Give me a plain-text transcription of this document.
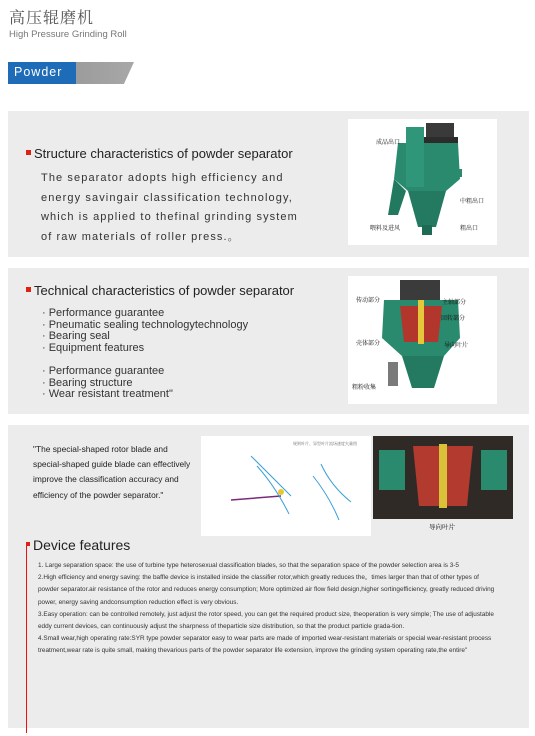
高压辊磨机
High Pressure Grinding Roll
Powder
Structure characteristics of powder separator
The separator adopts high efficiency and energy savingair classification technology, which is applied to thefinal grinding system of raw materials of roller press.。
成品出口
中粗出口
喂料及进风	粗出口
Technical characteristics of powder separator
· Performance guarantee
· Pneumatic sealing technologytechnology
· Bearing seal
· Equipment features
· Performance guarantee
· Bearing structure
· Wear resistant treatment"
传动部分	主轴部分
回转部分
壳体部分	导向叶片
粗粉收集
"The special-shaped rotor blade and special-shaped guide blade can effectively improve the classification accuracy and efficiency of the powder separator."
规则叶片、异型叶片流场速度矢量图
导向叶片
Device features

1. Large separation space: the use of turbine type heterosexual classification blades, so that the separation space of the powder selection area is 3-5

2.High efficiency and energy saving: the baffle device is installed inside the classifier rotor,which greatly reduces the。times larger than that of other types of powder separator.air resistance of the rotor and reduces energy consumption; More optimized air flow field design,higher sortingefficiency, greatly reduced driving power, energy saving andconsumption reduction effect is very obvious.

3.Easy operation: can be controlled remotely, just adjust the rotor speed, you can get the required product size, theoperation is very simple; The use of adjustable eddy current devices, can continuously adjust the sharpness of theparticle size distribution, so that the product particle grada-tion.

4.Small wear,high operating rate:SYR type powder separator easy to wear parts are made of imported wear-resistant materials or special wear-resistant process treatment,wear rate is quite small, making thevarious parts of the powder separator life extension, improve the grinding system operating rate,the entire"
